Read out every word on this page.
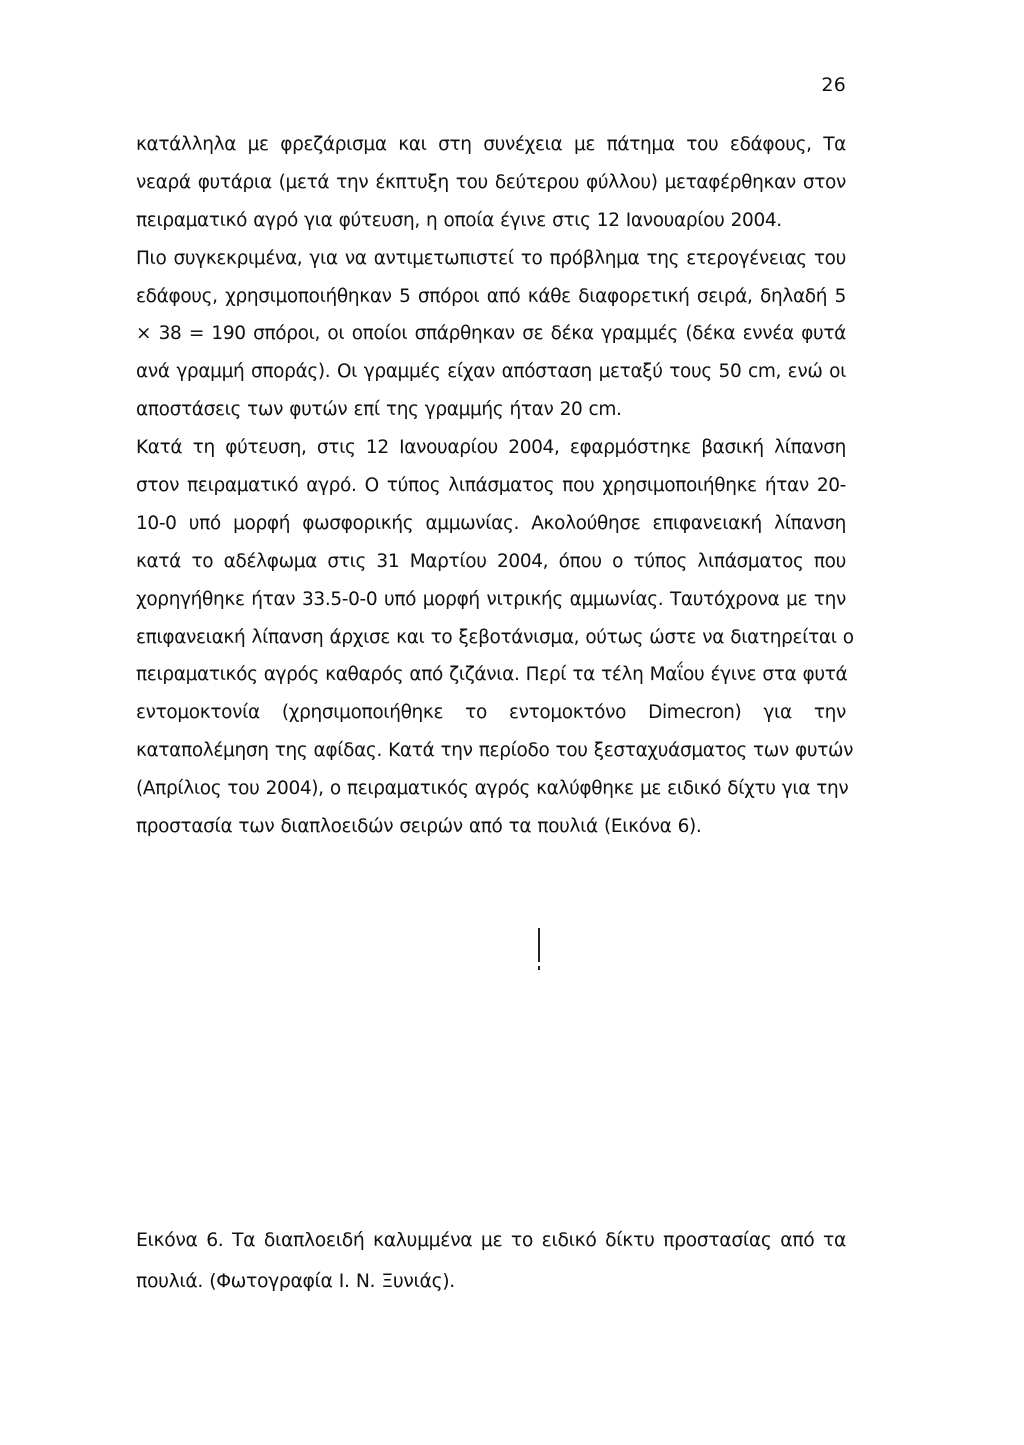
26
κατάλληλα με φρεζάρισμα και στη συνέχεια με πάτημα του εδάφους, Τα
νεαρά φυτάρια (μετά την έκπτυξη του δεύτερου φύλλου) μεταφέρθηκαν στον
πειραματικό αγρό για φύτευση, η οποία έγινε στις 12 Ιανουαρίου 2004.
Πιο συγκεκριμένα, για να αντιμετωπιστεί το πρόβλημα της ετερογένειας του
εδάφους, χρησιμοποιήθηκαν 5 σπόροι από κάθε διαφορετική σειρά, δηλαδή 5
× 38 = 190 σπόροι, οι οποίοι σπάρθηκαν σε δέκα γραμμές (δέκα εννέα φυτά
ανά γραμμή σποράς). Οι γραμμές είχαν απόσταση μεταξύ τους 50 cm, ενώ οι
αποστάσεις των φυτών επί της γραμμής ήταν 20 cm.
Κατά τη φύτευση, στις 12 Ιανουαρίου 2004, εφαρμόστηκε βασική λίπανση
στον πειραματικό αγρό. Ο τύπος λιπάσματος που χρησιμοποιήθηκε ήταν 20-
10-0 υπό μορφή φωσφορικής αμμωνίας. Ακολούθησε επιφανειακή λίπανση
κατά το αδέλφωμα στις 31 Μαρτίου 2004, όπου ο τύπος λιπάσματος που
χορηγήθηκε ήταν 33.5-0-0 υπό μορφή νιτρικής αμμωνίας. Ταυτόχρονα με την
επιφανειακή λίπανση άρχισε και το ξεβοτάνισμα, ούτως ώστε να διατηρείται ο
πειραματικός αγρός καθαρός από ζιζάνια. Περί τα τέλη Μαΐου έγινε στα φυτά
εντομοκτονία (χρησιμοποιήθηκε το εντομοκτόνο Dimecron) για την
καταπολέμηση της αφίδας. Κατά την περίοδο του ξεσταχυάσματος των φυτών
(Απρίλιος του 2004), ο πειραματικός αγρός καλύφθηκε με ειδικό δίχτυ για την
προστασία των διαπλοειδών σειρών από τα πουλιά (Εικόνα 6).
Εικόνα 6. Τα διαπλοειδή καλυμμένα με το ειδικό δίκτυ προστασίας από τα
πουλιά. (Φωτογραφία Ι. Ν. Ξυνιάς).
